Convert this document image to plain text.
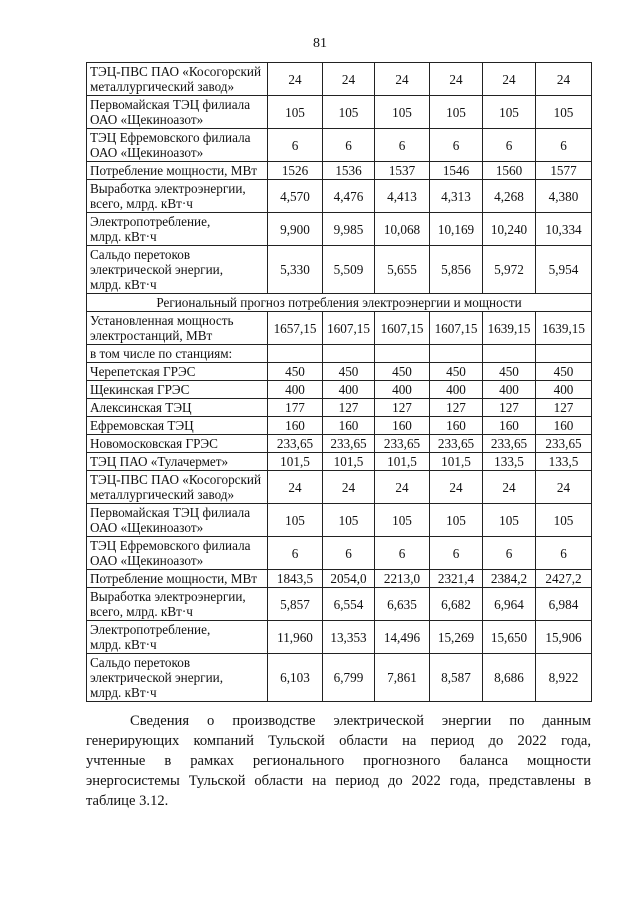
81
ТЭЦ-ПВС ПАО «Косогорский
металлургический завод»	24	24	24	24	24	24

Первомайская ТЭЦ филиала
ОАО «Щекиноазот»	105	105	105	105	105	105

ТЭЦ Ефремовского филиала
ОАО «Щекиноазот»	6	6	6	6	6	6

Потребление мощности, МВт	1526	1536	1537	1546	1560	1577

Выработка электроэнергии,
всего, млрд. кВт·ч	4,570	4,476	4,413	4,313	4,268	4,380

Электропотребление,
млрд. кВт·ч	9,900	9,985	10,068	10,169	10,240	10,334

Сальдо перетоков
электрической энергии,
млрд. кВт·ч	5,330	5,509	5,655	5,856	5,972	5,954
Региональный прогноз потребления электроэнергии и мощности						

Установленная мощность
электростанций, МВт	1657,15	1607,15	1607,15	1607,15	1639,15	1639,15
в том числе по станциям:						

Черепетская ГРЭС	450	450	450	450	450	450

Щекинская ГРЭС	400	400	400	400	400	400

Алексинская ТЭЦ	177	127	127	127	127	127

Ефремовская ТЭЦ	160	160	160	160	160	160

Новомосковская ГРЭС	233,65	233,65	233,65	233,65	233,65	233,65

ТЭЦ ПАО «Тулачермет»	101,5	101,5	101,5	101,5	133,5	133,5

ТЭЦ-ПВС ПАО «Косогорский
металлургический завод»	24	24	24	24	24	24

Первомайская ТЭЦ филиала
ОАО «Щекиноазот»	105	105	105	105	105	105

ТЭЦ Ефремовского филиала
ОАО «Щекиноазот»	6	6	6	6	6	6

Потребление мощности, МВт	1843,5	2054,0	2213,0	2321,4	2384,2	2427,2

Выработка электроэнергии,
всего, млрд. кВт·ч	5,857	6,554	6,635	6,682	6,964	6,984

Электропотребление,
млрд. кВт·ч	11,960	13,353	14,496	15,269	15,650	15,906

Сальдо перетоков
электрической энергии,
млрд. кВт·ч	6,103	6,799	7,861	8,587	8,686	8,922
Сведения о производстве электрической энергии по данным
генерирующих компаний Тульской области на период до 2022 года,
учтенные в рамках регионального прогнозного баланса мощности
энергосистемы Тульской области на период до 2022 года, представлены в
таблице 3.12.
